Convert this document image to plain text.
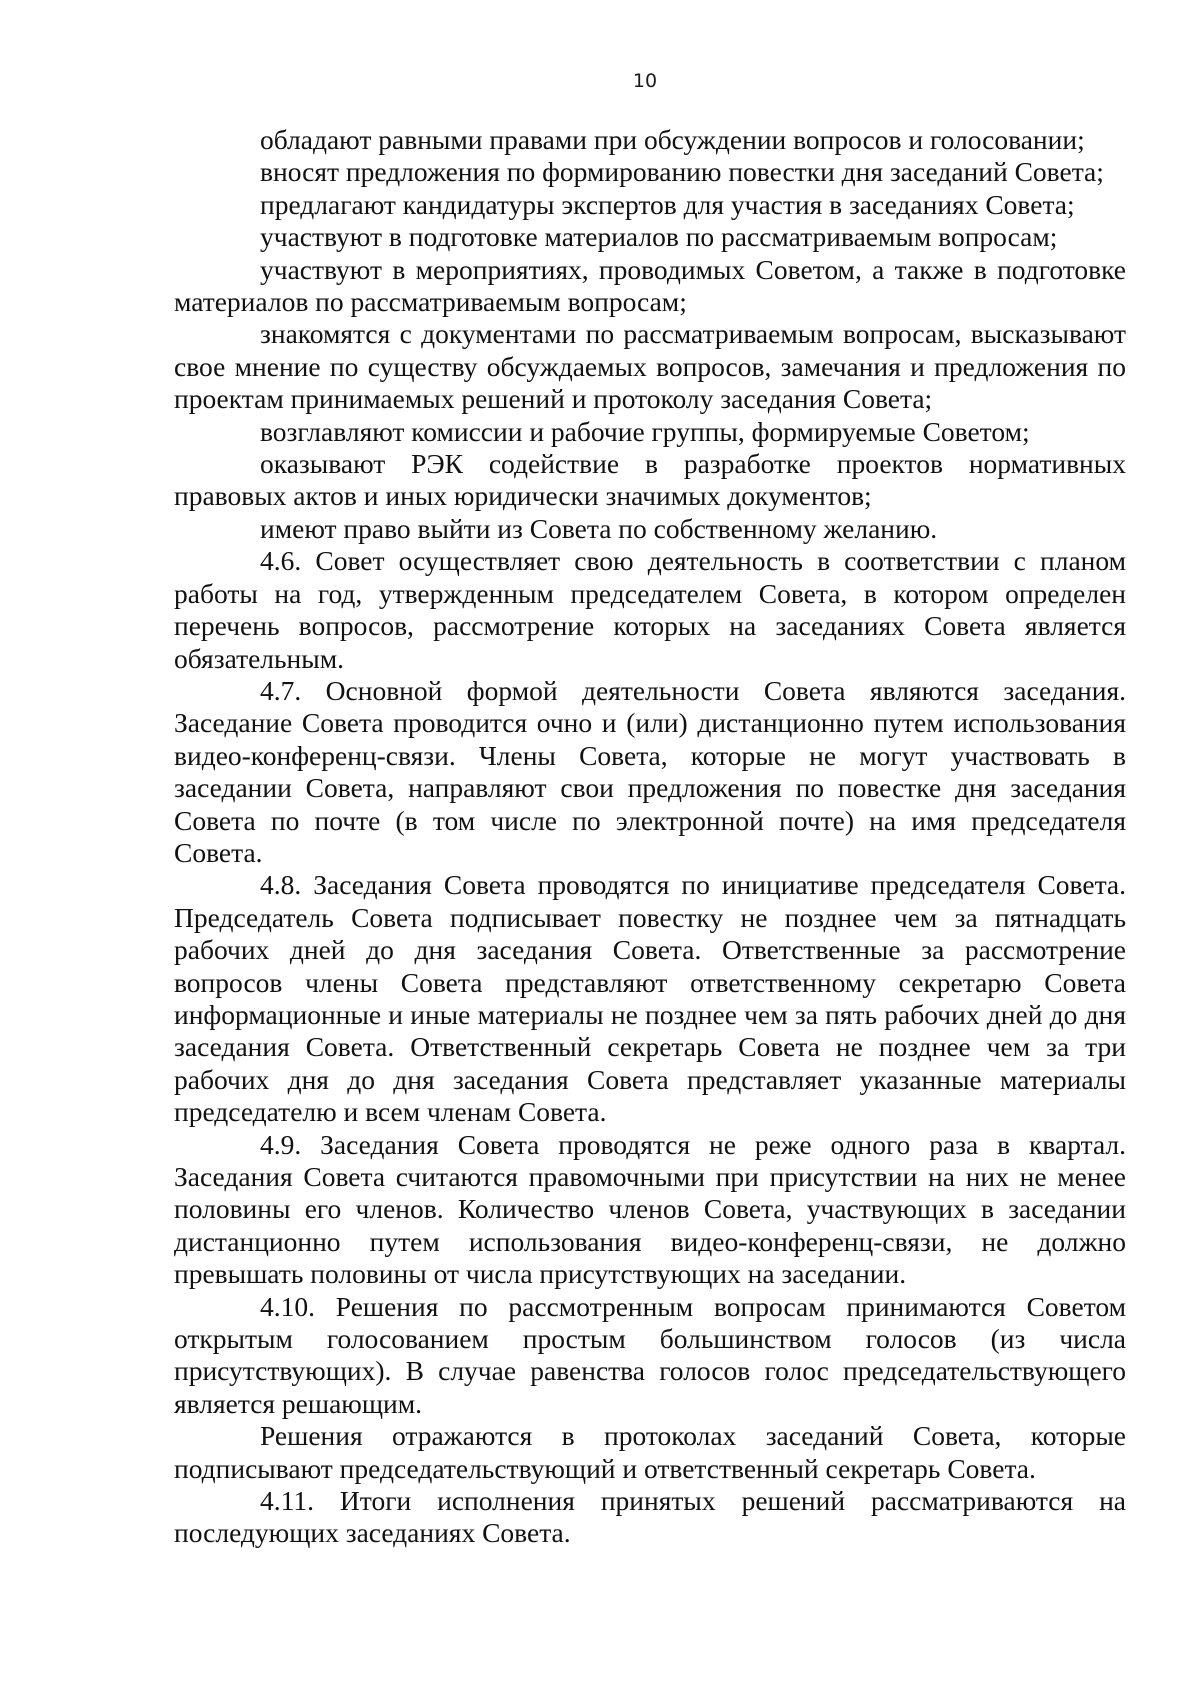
10

обладают равными правами при обсуждении вопросов и голосовании;

вносят предложения по формированию повестки дня заседаний Совета;

предлагают кандидатуры экспертов для участия в заседаниях Совета;

участвуют в подготовке материалов по рассматриваемым вопросам;

участвуют в мероприятиях, проводимых Советом, а также в подготовке материалов по рассматриваемым вопросам;

знакомятся с документами по рассматриваемым вопросам, высказывают свое мнение по существу обсуждаемых вопросов, замечания и предложения по проектам принимаемых решений и протоколу заседания Совета;

возглавляют комиссии и рабочие группы, формируемые Советом;

оказывают РЭК содействие в разработке проектов нормативных правовых актов и иных юридически значимых документов;

имеют право выйти из Совета по собственному желанию.

4.6. Совет осуществляет свою деятельность в соответствии с планом работы на год, утвержденным председателем Совета, в котором определен перечень вопросов, рассмотрение которых на заседаниях Совета является обязательным.

4.7. Основной формой деятельности Совета являются заседания. Заседание Совета проводится очно и (или) дистанционно путем использования видео-конференц-связи. Члены Совета, которые не могут участвовать в заседании Совета, направляют свои предложения по повестке дня заседания Совета по почте (в том числе по электронной почте) на имя председателя Совета.

4.8. Заседания Совета проводятся по инициативе председателя Совета. Председатель Совета подписывает повестку не позднее чем за пятнадцать рабочих дней до дня заседания Совета. Ответственные за рассмотрение вопросов члены Совета представляют ответственному секретарю Совета информационные и иные материалы не позднее чем за пять рабочих дней до дня заседания Совета. Ответственный секретарь Совета не позднее чем за три рабочих дня до дня заседания Совета представляет указанные материалы председателю и всем членам Совета.

4.9. Заседания Совета проводятся не реже одного раза в квартал. Заседания Совета считаются правомочными при присутствии на них не менее половины его членов. Количество членов Совета, участвующих в заседании дистанционно путем использования видео-конференц-связи, не должно превышать половины от числа присутствующих на заседании.

4.10. Решения по рассмотренным вопросам принимаются Советом открытым голосованием простым большинством голосов (из числа присутствующих). В случае равенства голосов голос председательствующего является решающим.

Решения отражаются в протоколах заседаний Совета, которые подписывают председательствующий и ответственный секретарь Совета.

4.11. Итоги исполнения принятых решений рассматриваются на последующих заседаниях Совета.
